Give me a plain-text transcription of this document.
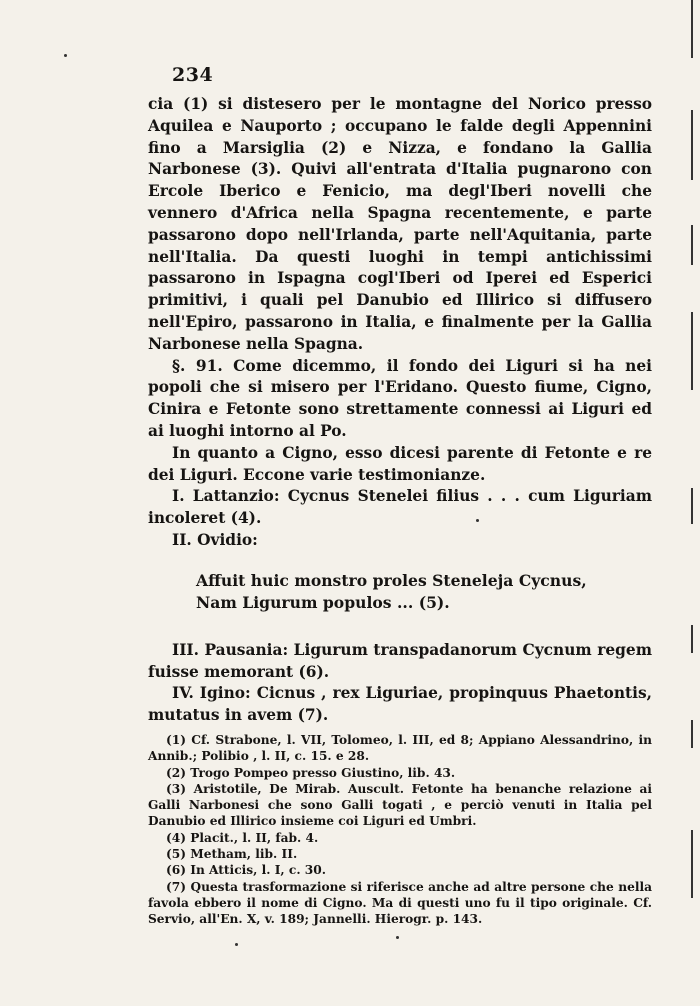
234

cia (1) si distesero per le montagne del Norico presso Aquilea e Nauporto ; occupano le falde degli Appennini fino a Marsiglia (2) e Nizza, e fondano la Gallia Narbonese (3). Quivi all'entrata d'Italia pugnarono con Ercole Iberico e Fenicio, ma degl'Iberi novelli che vennero d'Africa nella Spagna recentemente, e parte passarono dopo nell'Irlanda, parte nell'Aquitania, parte nell'Italia. Da questi luoghi in tempi antichissimi passarono in Ispagna cogl'Iberi od Iperei ed Esperici primitivi, i quali pel Danubio ed Illirico si diffusero nell'Epiro, passarono in Italia, e finalmente per la Gallia Narbonese nella Spagna.

§. 91. Come dicemmo, il fondo dei Liguri si ha nei popoli che si misero per l'Eridano. Questo fiume, Cigno, Cinira e Fetonte sono strettamente connessi ai Liguri ed ai luoghi intorno al Po.

In quanto a Cigno, esso dicesi parente di Fetonte e re dei Liguri. Eccone varie testimonianze.

I. Lattanzio: Cycnus Stenelei filius . . . cum Liguriam incoleret (4).

II. Ovidio:

Affuit huic monstro proles Steneleja Cycnus,
Nam Ligurum populos ... (5).

III. Pausania: Ligurum transpadanorum Cycnum regem fuisse memorant (6).

IV. Igino: Cicnus , rex Liguriae, propinquus Phaetontis, mutatus in avem (7).

(1) Cf. Strabone, l. VII, Tolomeo, l. III, ed 8; Appiano Alessandrino, in Annib.; Polibio , l. II, c. 15. e 28.

(2) Trogo Pompeo presso Giustino, lib. 43.

(3) Aristotile, De Mirab. Auscult. Fetonte ha benanche relazione ai Galli Narbonesi che sono Galli togati , e perciò venuti in Italia pel Danubio ed Illirico insieme coi Liguri ed Umbri.

(4) Placit., l. II, fab. 4.

(5) Metham, lib. II.

(6) In Atticis, l. I, c. 30.

(7) Questa trasformazione si riferisce anche ad altre persone che nella favola ebbero il nome di Cigno. Ma di questi uno fu il tipo originale. Cf. Servio, all'En. X, v. 189; Jannelli. Hierogr. p. 143.
